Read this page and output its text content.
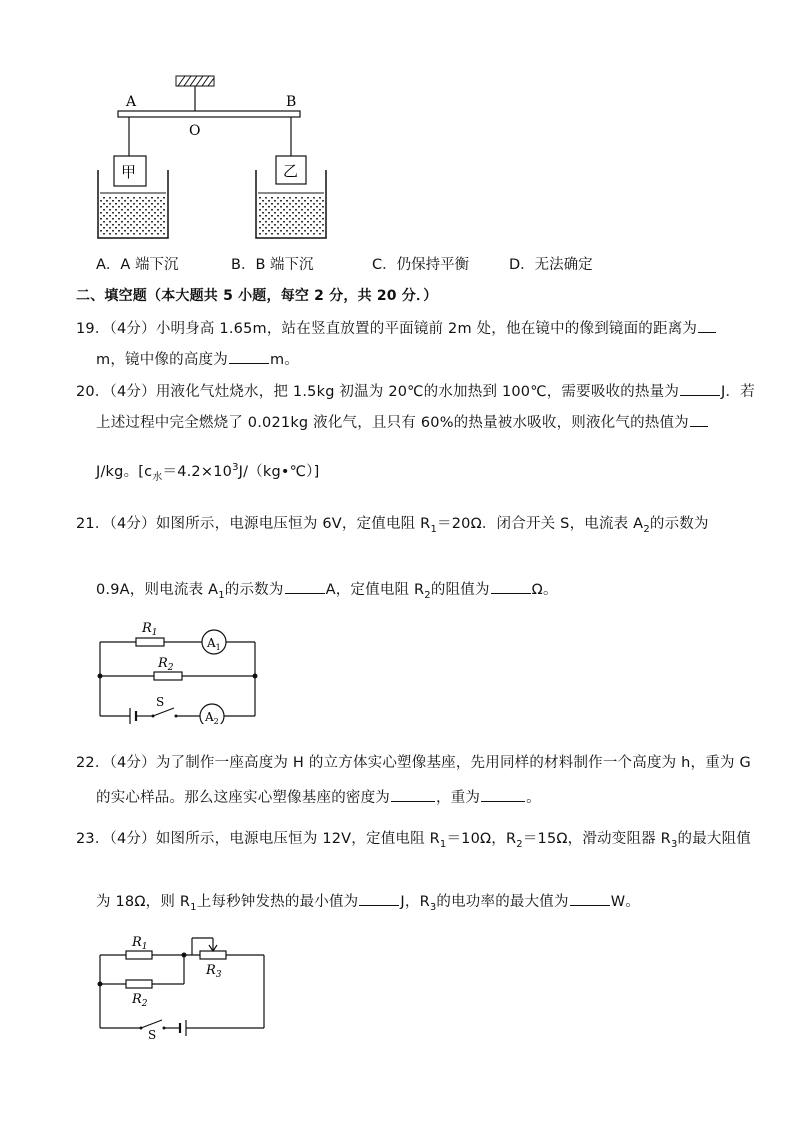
A	B
O
甲	乙
A．A 端下沉	B．B 端下沉	C．仍保持平衡	D．无法确定
二、填空题（本大题共 5 小题，每空 2 分，共 20 分．）
19．（4分）小明身高 1.65m，站在竖直放置的平面镜前 2m 处，他在镜中的像到镜面的距离为
m，镜中像的高度为	m。
20．（4分）用液化气灶烧水，把 1.5kg 初温为 20℃的水加热到 100℃，需要吸收的热量为	J．若
上述过程中完全燃烧了 0.021kg 液化气，且只有 60%的热量被水吸收，则液化气的热值为
J/kg。$[c_水=4.2\times 10^3J/(kg•℃)]$
21．（4分）如图所示，电源电压恒为 6V，定值电阻 $R_1=20\Omega$．闭合开关 S，电流表 $A_2$的示数为
0.9A，则电流表 $A_1$的示数为	A，定值电阻 $R_2$的阻值为	Ω。
$R_1$
$R_2$
$A_1$
$A_2$
S
22．（4分）为了制作一座高度为 H 的立方体实心塑像基座，先用同样的材料制作一个高度为 h，重为 G
的实心样品。那么这座实心塑像基座的密度为	，重为	。
23．（4分）如图所示，电源电压恒为 12V，定值电阻 $R_1=10\Omega$，$R_2=15\Omega$，滑动变阻器 $R_3$的最大阻值
为 18Ω，则 $R_1$上每秒钟发热的最小值为	J，$R_3$的电功率的最大值为	W。
$R_1$
$R_2$
$R_3$
S
